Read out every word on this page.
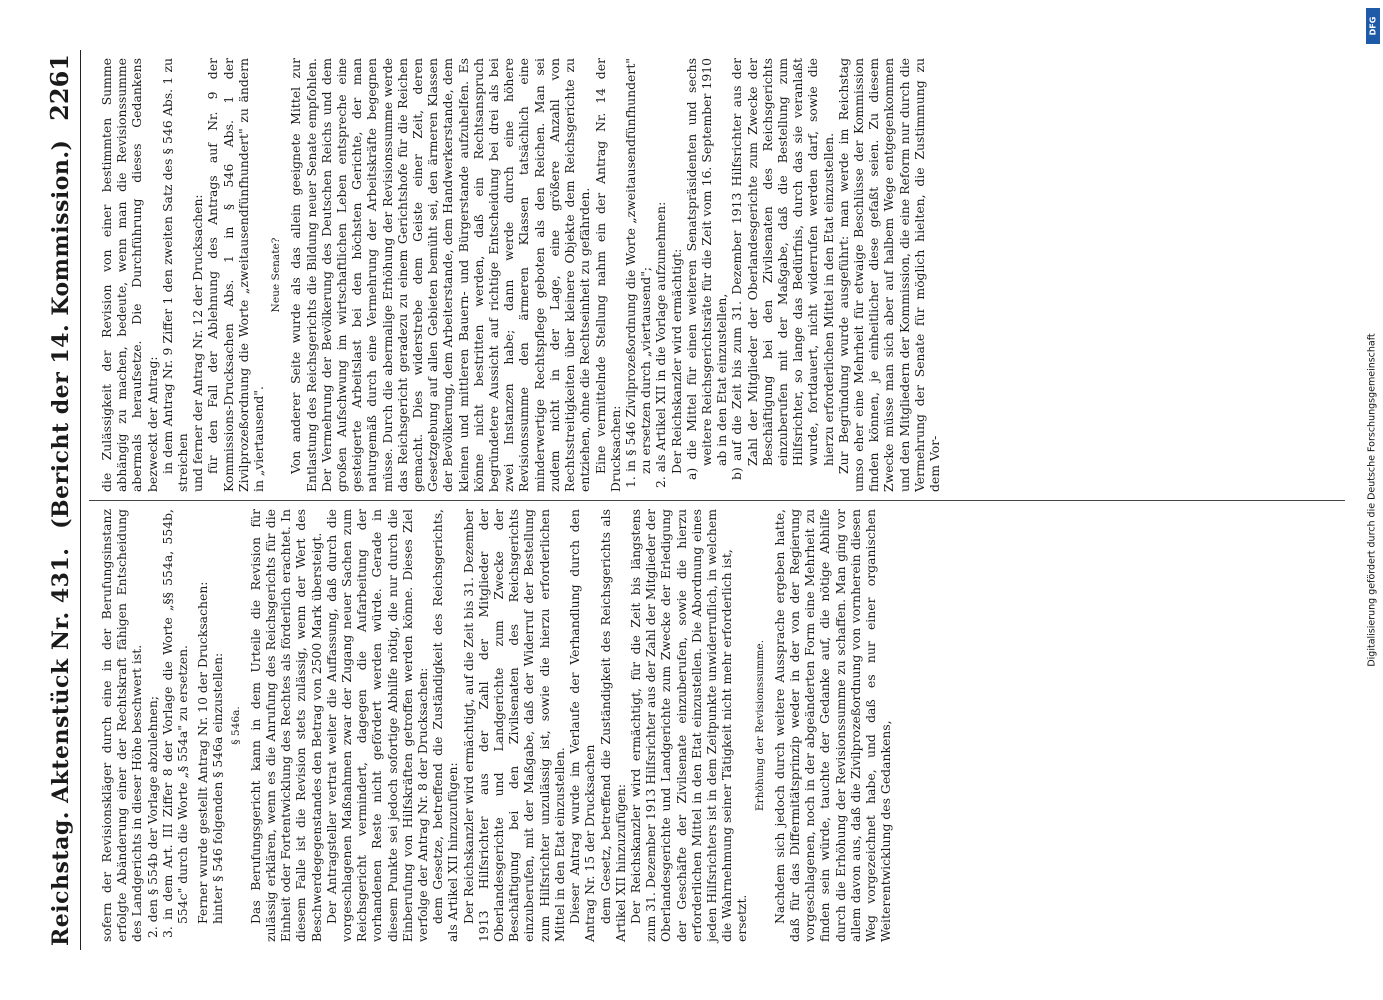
Reichstag. Aktenstück Nr. 431.
(Bericht der 14. Kommission.)
2261

sofern der Revisionskläger durch eine in der Berufungsinstanz erfolgte Abänderung einer der Rechtskraft fähigen Entscheidung des Landgerichts in dieser Höhe beschwert ist. 2. den § 554b der Vorlage abzulehnen; 3. in dem Art. III Ziffer 8 der Vorlage die Worte „§§ 554a, 554b, 554c" durch die Worte „§ 554a" zu ersetzen. Ferner wurde gestellt Antrag Nr. 10 der Drucksachen: hinter § 546 folgenden § 546a einzustellen: § 546a. Das Berufungsgericht kann in dem Urteile die Revision für zulässig erklären, wenn es die Anrufung des Reichsgerichts für die Einheit oder Fortentwicklung des Rechtes als förderlich erachtet. In diesem Falle ist die Revision stets zulässig, wenn der Wert des Beschwerdegegenstandes den Betrag von 2500 Mark übersteigt. Der Antragsteller vertrat weiter die Auffassung, daß durch die vorgeschlagenen Maßnahmen zwar der Zugang neuer Sachen zum Reichsgericht vermindert, dagegen die Aufarbeitung der vorhandenen Reste nicht gefördert werden würde. Gerade in diesem Punkte sei jedoch sofortige Abhilfe nötig, die nur durch die Einberufung von Hilfskräften getroffen werden könne. Dieses Ziel verfolge der Antrag Nr. 8 der Drucksachen: dem Gesetze, betreffend die Zuständigkeit des Reichsgerichts, als Artikel XII hinzuzufügen: Der Reichskanzler wird ermächtigt, auf die Zeit bis 31. Dezember 1913 Hilfsrichter aus der Zahl der Mitglieder der Oberlandesgerichte und Landgerichte zum Zwecke der Beschäftigung bei den Zivilsenaten des Reichsgerichts einzuberufen, mit der Maßgabe, daß der Widerruf der Bestellung zum Hilfsrichter unzulässig ist, sowie die hierzu erforderlichen Mittel in den Etat einzustellen. Dieser Antrag wurde im Verlaufe der Verhandlung durch den Antrag Nr. 15 der Drucksachen dem Gesetz, betreffend die Zuständigkeit des Reichsgerichts als Artikel XII hinzuzufügen: Der Reichskanzler wird ermächtigt, für die Zeit bis längstens zum 31. Dezember 1913 Hilfsrichter aus der Zahl der Mitglieder der Oberlandesgerichte und Landgerichte zum Zwecke der Erledigung der Geschäfte der Zivilsenate einzuberufen, sowie die hierzu erforderlichen Mittel in den Etat einzustellen. Die Abordnung eines jeden Hilfsrichters ist in dem Zeitpunkte unwiderruflich, in welchem die Wahrnehmung seiner Tätigkeit nicht mehr erforderlich ist, ersetzt.

Erhöhung der Revisionssumme. Nachdem sich jedoch durch weitere Aussprache ergeben hatte, daß für das Differmitätsprinzip weder in der von der Regierung vorgeschlagenen, noch in der abgeänderten Form eine Mehrheit zu finden sein würde, tauchte der Gedanke auf, die nötige Abhilfe durch die Erhöhung der Revisionssumme zu schaffen. Man ging vor allem davon aus, daß die Zivilprozeßordnung von vornherein diesen Weg vorgezeichnet habe, und daß es nur einer organischen Weiterentwicklung des Gedankens,

die Zulässigkeit der Revision von einer bestimmten Summe abhängig zu machen, bedeute, wenn man die Revisionssumme abermals heraufsetze. Die Durchführung dieses Gedankens bezweckt der Antrag: in dem Antrag Nr. 9 Ziffer 1 den zweiten Satz des § 546 Abs. 1 zu streichen und ferner der Antrag Nr. 12 der Drucksachen: für den Fall der Ablehnung des Antrags auf Nr. 9 der Kommissions-Drucksachen Abs. 1 in § 546 Abs. 1 der Zivilprozeßordnung die Worte „zweitausendfünfhundert" zu ändern in „viertausend".

Neue Senate? Von anderer Seite wurde als das allein geeignete Mittel zur Entlastung des Reichsgerichts die Bildung neuer Senate empfohlen. Der Vermehrung der Bevölkerung des Deutschen Reichs und dem großen Aufschwung im wirtschaftlichen Leben entspreche eine gesteigerte Arbeitslast bei den höchsten Gerichte, der man naturgemäß durch eine Vermehrung der Arbeitskräfte begegnen müsse. Durch die abermalige Erhöhung der Revisionssumme werde das Reichsgericht geradezu zu einem Gerichtshofe für die Reichen gemacht. Dies widerstrebe dem Geiste einer Zeit, deren Gesetzgebung auf allen Gebieten bemüht sei, den ärmeren Klassen der Bevölkerung, dem Arbeiterstande, dem Handwerkerstande, dem kleinen und mittleren Bauern- und Bürgerstande aufzuhelfen. Es könne nicht bestritten werden, daß ein Rechtsanspruch begründetere Aussicht auf richtige Entscheidung bei drei als bei zwei Instanzen habe; dann werde durch eine höhere Revisionssumme den ärmeren Klassen tatsächlich eine minderwertige Rechtspflege geboten als den Reichen. Man sei zudem nicht in der Lage, eine größere Anzahl von Rechtsstreitigkeiten über kleinere Objekte dem Reichsgerichte zu entziehen, ohne die Rechtseinheit zu gefährden. Eine vermittelnde Stellung nahm ein der Antrag Nr. 14 der Drucksachen: 1. in § 546 Zivilprozeßordnung die Worte „zweitausendfünfhundert" zu ersetzen durch „viertausend"; 2. als Artikel XII in die Vorlage aufzunehmen: Der Reichskanzler wird ermächtigt: a) die Mittel für einen weiteren Senatspräsidenten und sechs weitere Reichsgerichtsräte für die Zeit vom 16. September 1910 ab in den Etat einzustellen, b) auf die Zeit bis zum 31. Dezember 1913 Hilfsrichter aus der Zahl der Mitglieder der Oberlandesgerichte zum Zwecke der Beschäftigung bei den Zivilsenaten des Reichsgerichts einzuberufen mit der Maßgabe, daß die Bestellung zum Hilfsrichter, so lange das Bedürfnis, durch das sie veranlaßt wurde, fortdauert, nicht widerrufen werden darf, sowie die hierzu erforderlichen Mittel in den Etat einzustellen. Zur Begründung wurde ausgeführt: man werde im Reichstag umso eher eine Mehrheit für etwaige Beschlüsse der Kommission finden können, je einheitlicher diese gefaßt seien. Zu diesem Zwecke müsse man sich aber auf halbem Wege entgegenkommen und den Mitgliedern der Kommission, die eine Reform nur durch die Vermehrung der Senate für möglich hielten, die Zustimmung zu dem Vor-	Digitalisierung gefördert durch die Deutsche Forschungsgemeinschaft
DFG
